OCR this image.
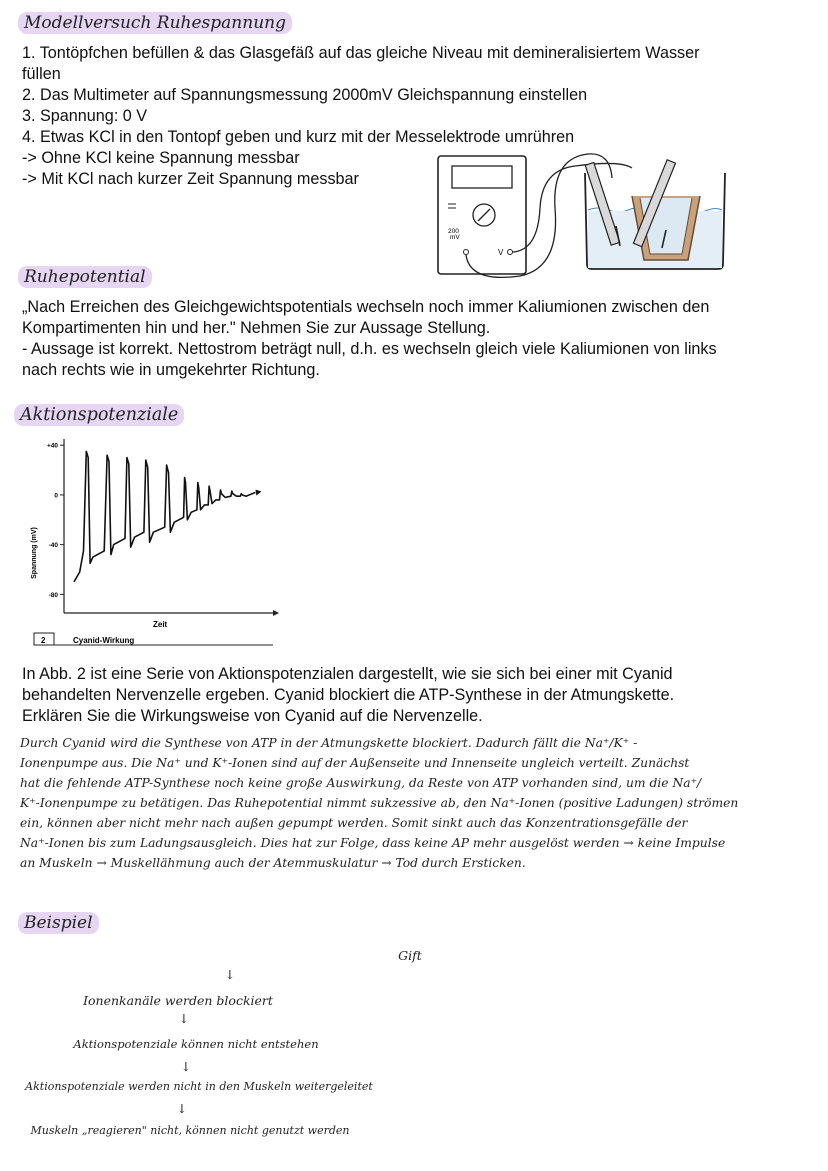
Modellversuch Ruhespannung

1. Tontöpfchen befüllen & das Glasgefäß auf das gleiche Niveau mit demineralisiertem Wasser

füllen

2. Das Multimeter auf Spannungsmessung 2000mV Gleichspannung einstellen

3. Spannung: 0 V

4. Etwas KCl in den Tontopf geben und kurz mit der Messelektrode umrühren

-> Ohne KCl keine Spannung messbar

-> Mit KCl nach kurzer Zeit Spannung messbar

200
mV
V
Ruhepotential

„Nach Erreichen des Gleichgewichtspotentials wechseln noch immer Kaliumionen zwischen den

Kompartimenten hin und her." Nehmen Sie zur Aussage Stellung.

- Aussage ist korrekt. Nettostrom beträgt null, d.h. es wechseln gleich viele Kaliumionen von links

nach rechts wie in umgekehrter Richtung.

Aktionspotenziale
Spannung (mV)
+40
0
-40
-80
Zeit
2	Cyanid-Wirkung

In Abb. 2 ist eine Serie von Aktionspotenzialen dargestellt, wie sie sich bei einer mit Cyanid

behandelten Nervenzelle ergeben. Cyanid blockiert die ATP-Synthese in der Atmungskette.

Erklären Sie die Wirkungsweise von Cyanid auf die Nervenzelle.

Durch Cyanid wird die Synthese von ATP in der Atmungskette blockiert. Dadurch fällt die Na⁺/K⁺ -

Ionenpumpe aus. Die Na⁺ und K⁺-Ionen sind auf der Außenseite und Innenseite ungleich verteilt. Zunächst

hat die fehlende ATP-Synthese noch keine große Auswirkung, da Reste von ATP vorhanden sind, um die Na⁺/

K⁺-Ionenpumpe zu betätigen. Das Ruhepotential nimmt sukzessive ab, den Na⁺-Ionen (positive Ladungen) strömen

ein, können aber nicht mehr nach außen gepumpt werden. Somit sinkt auch das Konzentrationsgefälle der

Na⁺-Ionen bis zum Ladungsausgleich. Dies hat zur Folge, dass keine AP mehr ausgelöst werden → keine Impulse

an Muskeln → Muskellähmung auch der Atemmuskulatur → Tod durch Ersticken.

Beispiel
Gift
↓
Ionenkanäle werden blockiert
↓
Aktionspotenziale können nicht entstehen
↓
Aktionspotenziale werden nicht in den Muskeln weitergeleitet
↓
Muskeln „reagieren" nicht, können nicht genutzt werden
